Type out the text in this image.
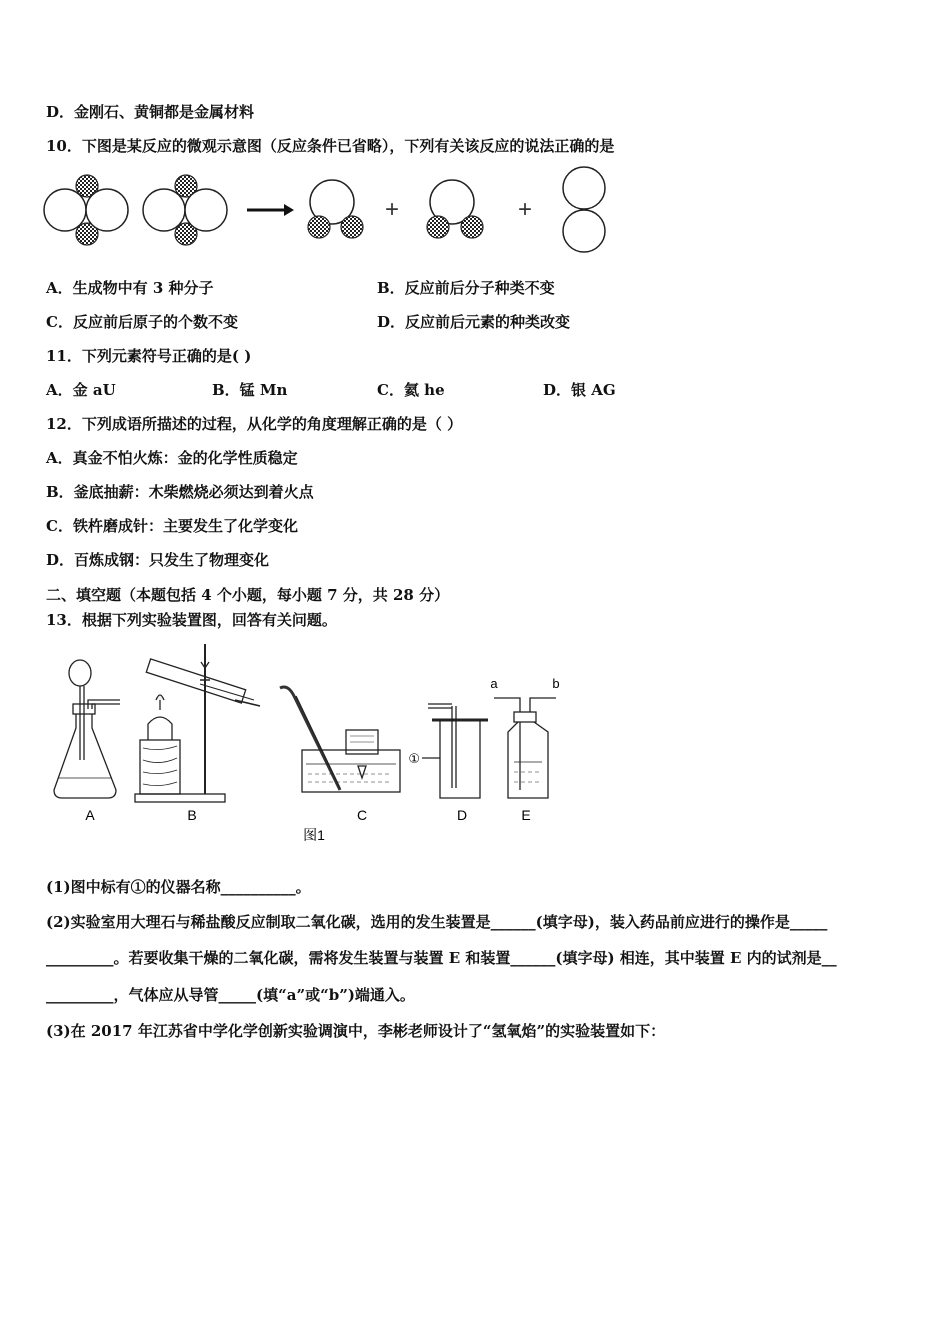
D．金刚石、黄铜都是金属材料
10．下图是某反应的微观示意图（反应条件已省略），下列有关该反应的说法正确的是
+	+
A．生成物中有 3 种分子	B．反应前后分子种类不变
C．反应前后原子的个数不变	D．反应前后元素的种类改变
11．下列元素符号正确的是( )
A．金 aU	B．锰 Mn	C．氦 he	D．银 AG
12．下列成语所描述的过程，从化学的角度理解正确的是（ ）
A．真金不怕火炼：金的化学性质稳定
B．釜底抽薪：木柴燃烧必须达到着火点
C．铁杵磨成针：主要发生了化学变化
D．百炼成钢：只发生了物理变化
二、填空题（本题包括 4 个小题，每小题 7 分，共 28 分）
13．根据下列实验装置图，回答有关问题。
A	B	C	D	E
图1
①
a	b
(1)图中标有①的仪器名称__________。
(2)实验室用大理石与稀盐酸反应制取二氧化碳，选用的发生装置是______(填字母)，装入药品前应进行的操作是_____
_________。若要收集干燥的二氧化碳，需将发生装置与装置 E 和装置______(填字母) 相连，其中装置 E 内的试剂是__
_________，气体应从导管_____(填“a”或“b”)端通入。
(3)在 2017 年江苏省中学化学创新实验调演中，李彬老师设计了“氢氧焰”的实验装置如下：
